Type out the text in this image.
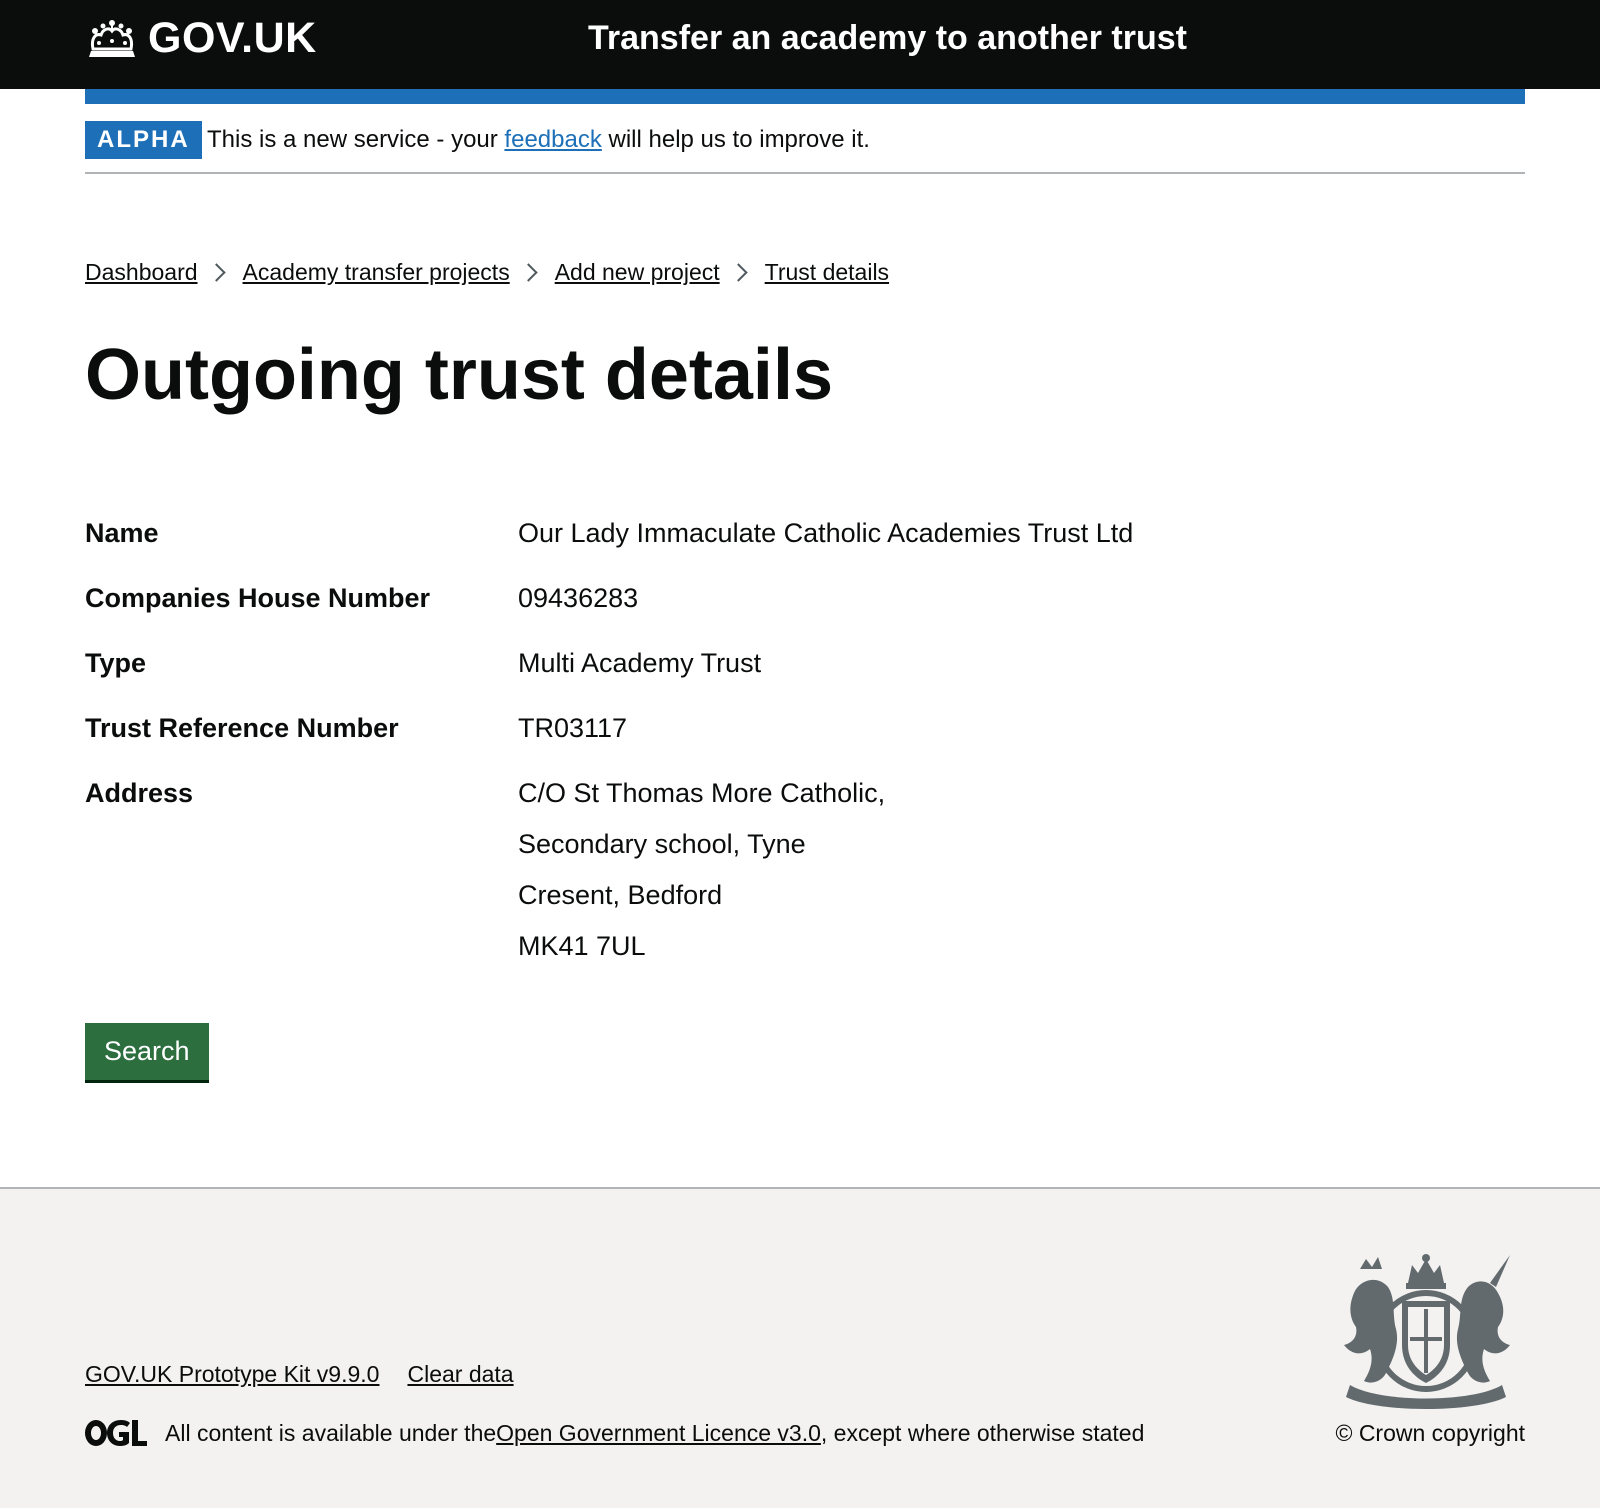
GOV.UK	Transfer an academy to another trust
ALPHA This is a new service - your feedback will help us to improve it.
Dashboard Academy transfer projects Add new project Trust details
Outgoing trust details
Name	Our Lady Immaculate Catholic Academies Trust Ltd
Companies House Number	09436283
Type	Multi Academy Trust
Trust Reference Number	TR03117
Address	C/O St Thomas More Catholic,
Secondary school, Tyne
Cresent, Bedford
MK41 7UL
Search
GOV.UK Prototype Kit v9.9.0 Clear data
All content is available under the Open Government Licence v3.0 , except where otherwise stated	© Crown copyright
